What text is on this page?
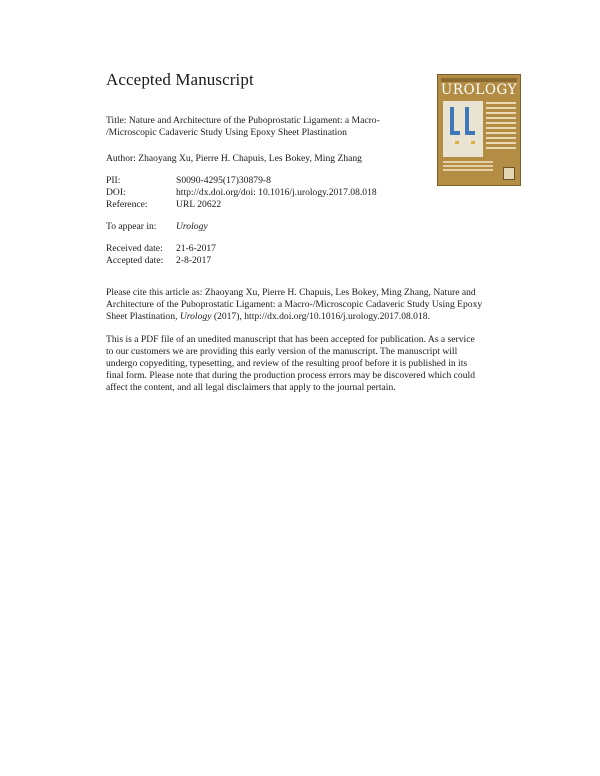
Accepted Manuscript
Title: Nature and Architecture of the Puboprostatic Ligament: a Macro-
/Microscopic Cadaveric Study Using Epoxy Sheet Plastination
Author: Zhaoyang Xu, Pierre H. Chapuis, Les Bokey, Ming Zhang
PII:	S0090-4295(17)30879-8
DOI:	http://dx.doi.org/doi: 10.1016/j.urology.2017.08.018
Reference:	URL 20622
To appear in: Urology
Received date: 21-6-2017
Accepted date: 2-8-2017
Please cite this article as: Zhaoyang Xu, Pierre H. Chapuis, Les Bokey, Ming Zhang, Nature and
Architecture of the Puboprostatic Ligament: a Macro-/Microscopic Cadaveric Study Using Epoxy
Sheet Plastination, Urology (2017), http://dx.doi.org/10.1016/j.urology.2017.08.018.
This is a PDF file of an unedited manuscript that has been accepted for publication. As a service
to our customers we are providing this early version of the manuscript. The manuscript will
undergo copyediting, typesetting, and review of the resulting proof before it is published in its
final form. Please note that during the production process errors may be discovered which could
affect the content, and all legal disclaimers that apply to the journal pertain.
UROLOGY
